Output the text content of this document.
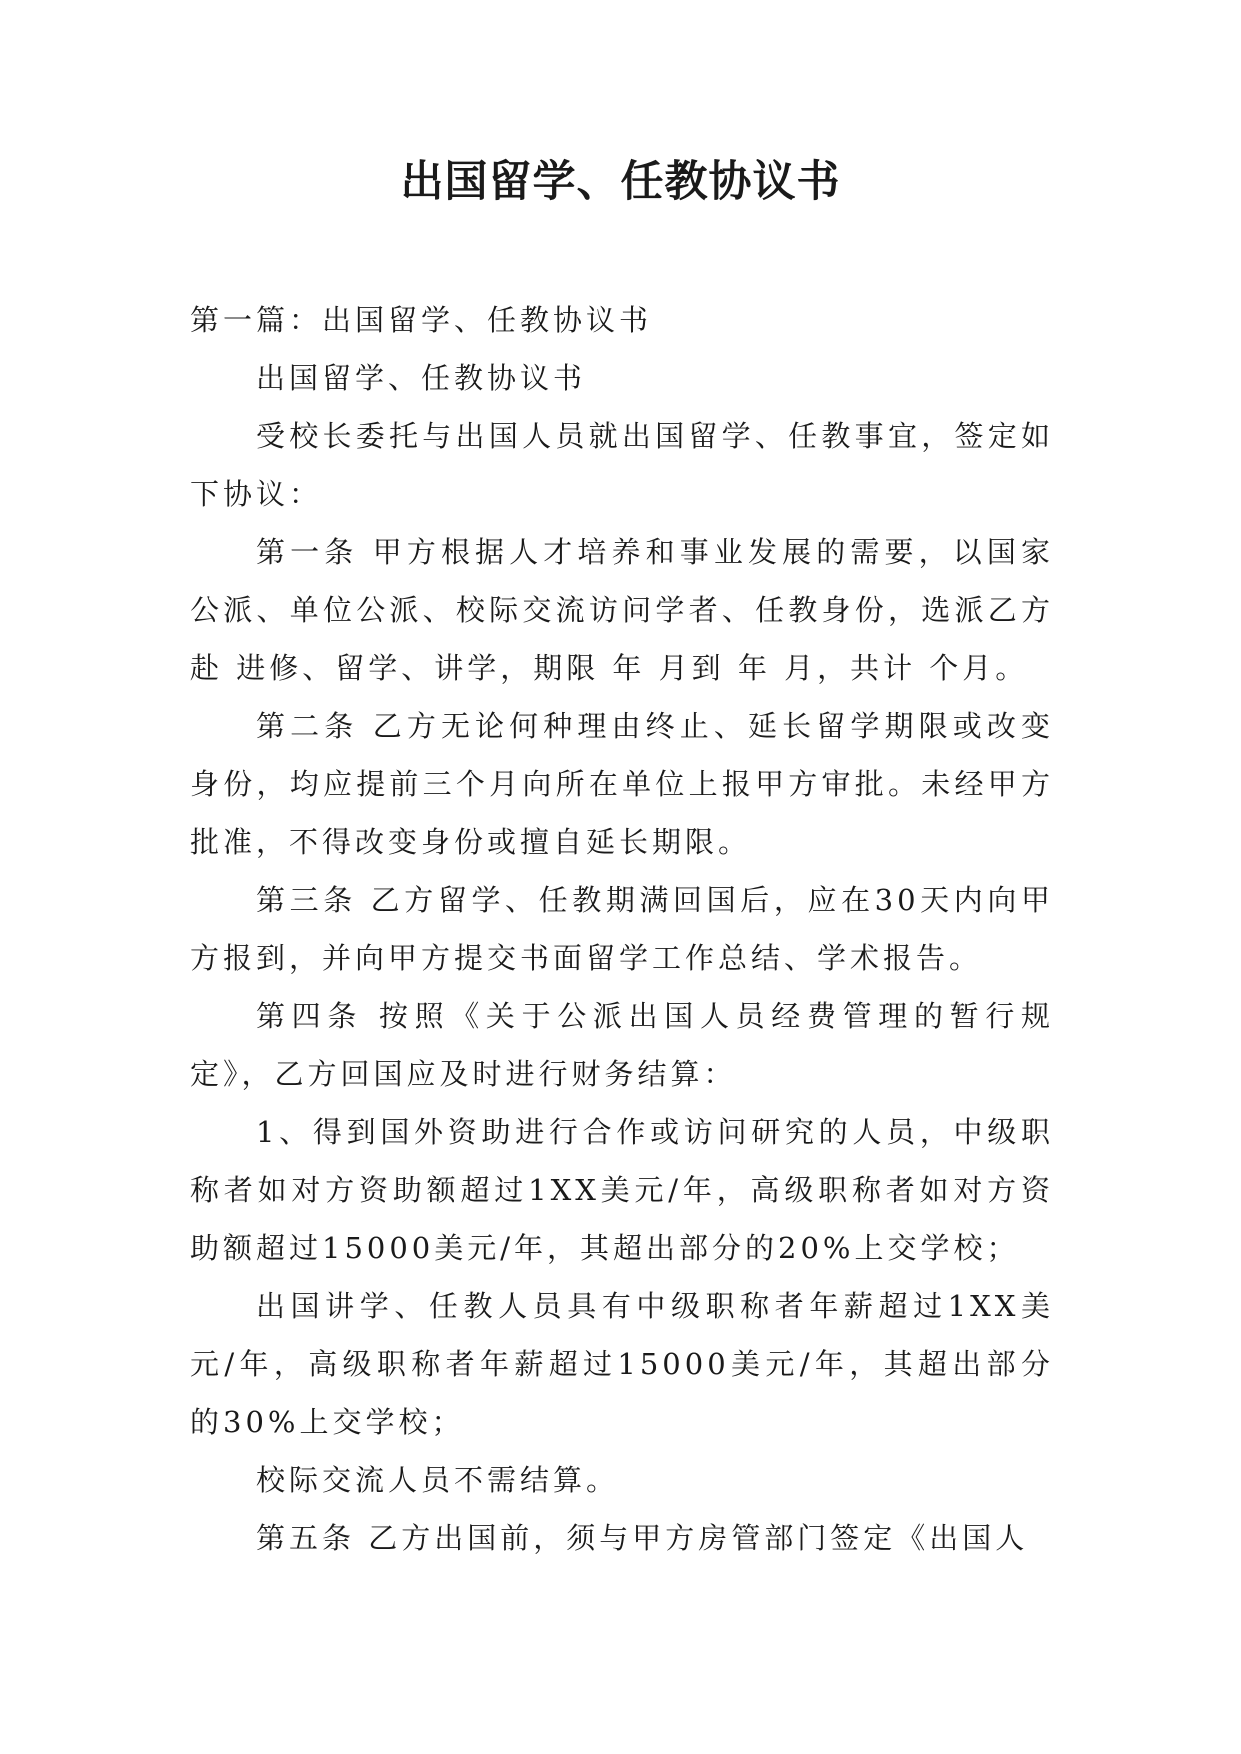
出国留学、任教协议书

第一篇：出国留学、任教协议书

出国留学、任教协议书

受校长委托与出国人员就出国留学、任教事宜，签定如下协议：

第一条 甲方根据人才培养和事业发展的需要，以国家公派、单位公派、校际交流访问学者、任教身份，选派乙方赴 进修、留学、讲学，期限 年 月到 年 月，共计 个月。

第二条 乙方无论何种理由终止、延长留学期限或改变身份，均应提前三个月向所在单位上报甲方审批。未经甲方批准，不得改变身份或擅自延长期限。

第三条 乙方留学、任教期满回国后，应在30天内向甲方报到，并向甲方提交书面留学工作总结、学术报告。

第四条 按照《关于公派出国人员经费管理的暂行规定》，乙方回国应及时进行财务结算：

1、得到国外资助进行合作或访问研究的人员，中级职称者如对方资助额超过1XX美元/年，高级职称者如对方资助额超过15000美元/年，其超出部分的20%上交学校；

出国讲学、任教人员具有中级职称者年薪超过1XX美元/年，高级职称者年薪超过15000美元/年，其超出部分的30%上交学校；

校际交流人员不需结算。

第五条 乙方出国前，须与甲方房管部门签定《出国人
